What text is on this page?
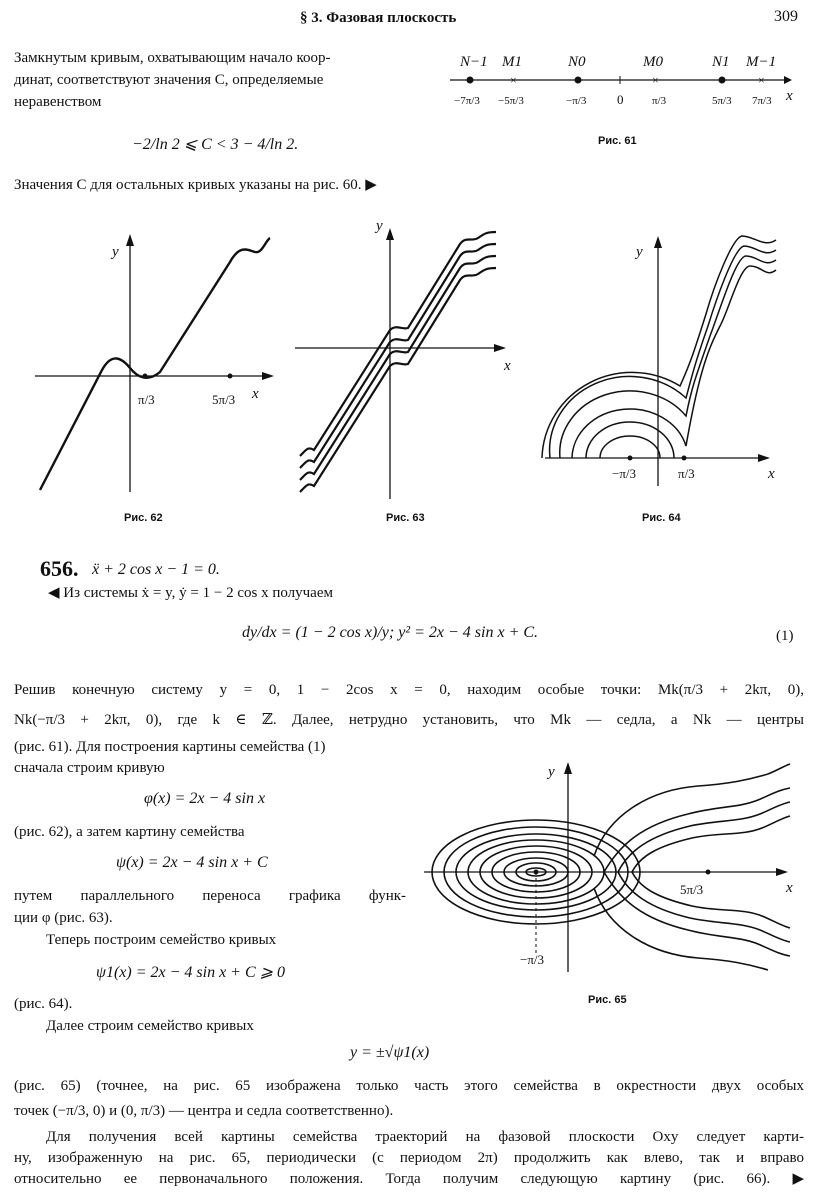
§ 3. Фазовая плоскость	309
Замкнутым кривым, охватывающим начало коор-
динат, соответствуют значения C, определяемые
неравенством
−2/ln 2 ⩽ C < 3 − 4/ln 2.
Значения C для остальных кривых указаны на рис. 60. ▶
×	×	×
N−1 M1	N0	M0	N1 M−1
−7π/3 −5π/3	−π/3 0	π/3	5π/3 7π/3 x
Рис. 61
y
x
π/3	5π/3
Рис. 62
y
x
Рис. 63
y
x
−π/3	π/3
Рис. 64
656. ẍ + 2 cos x − 1 = 0.
◀ Из системы ẋ = y, ẏ = 1 − 2 cos x получаем
dy/dx = (1 − 2 cos x)/y; y² = 2x − 4 sin x + C.	(1)
Решив конечную систему y = 0, 1 − 2cos x = 0, находим особые точки: Mk(π/3 + 2kπ, 0),
Nk(−π/3 + 2kπ, 0), где k ∈ ℤ. Далее, нетрудно установить, что Mk — седла, а Nk — центры
(рис. 61). Для построения картины семейства (1)
сначала строим кривую
φ(x) = 2x − 4 sin x
(рис. 62), а затем картину семейства
ψ(x) = 2x − 4 sin x + C
путем параллельного переноса графика функ-
ции φ (рис. 63).
Теперь построим семейство кривых
ψ1(x) = 2x − 4 sin x + C ⩾ 0
(рис. 64).
Далее строим семейство кривых
y = ±√ψ1(x)
(рис. 65) (точнее, на рис. 65 изображена только часть этого семейства в окрестности двух особых
точек (−π/3, 0) и (0, π/3) — центра и седла соответственно).
Для получения всей картины семейства траекторий на фазовой плоскости Oxy следует карти-
ну, изображенную на рис. 65, периодически (с периодом 2π) продолжить как влево, так и вправо
относительно ее первоначального положения. Тогда получим следующую картину (рис. 66). ▶
y
x
−π/3
5π/3
Рис. 65
